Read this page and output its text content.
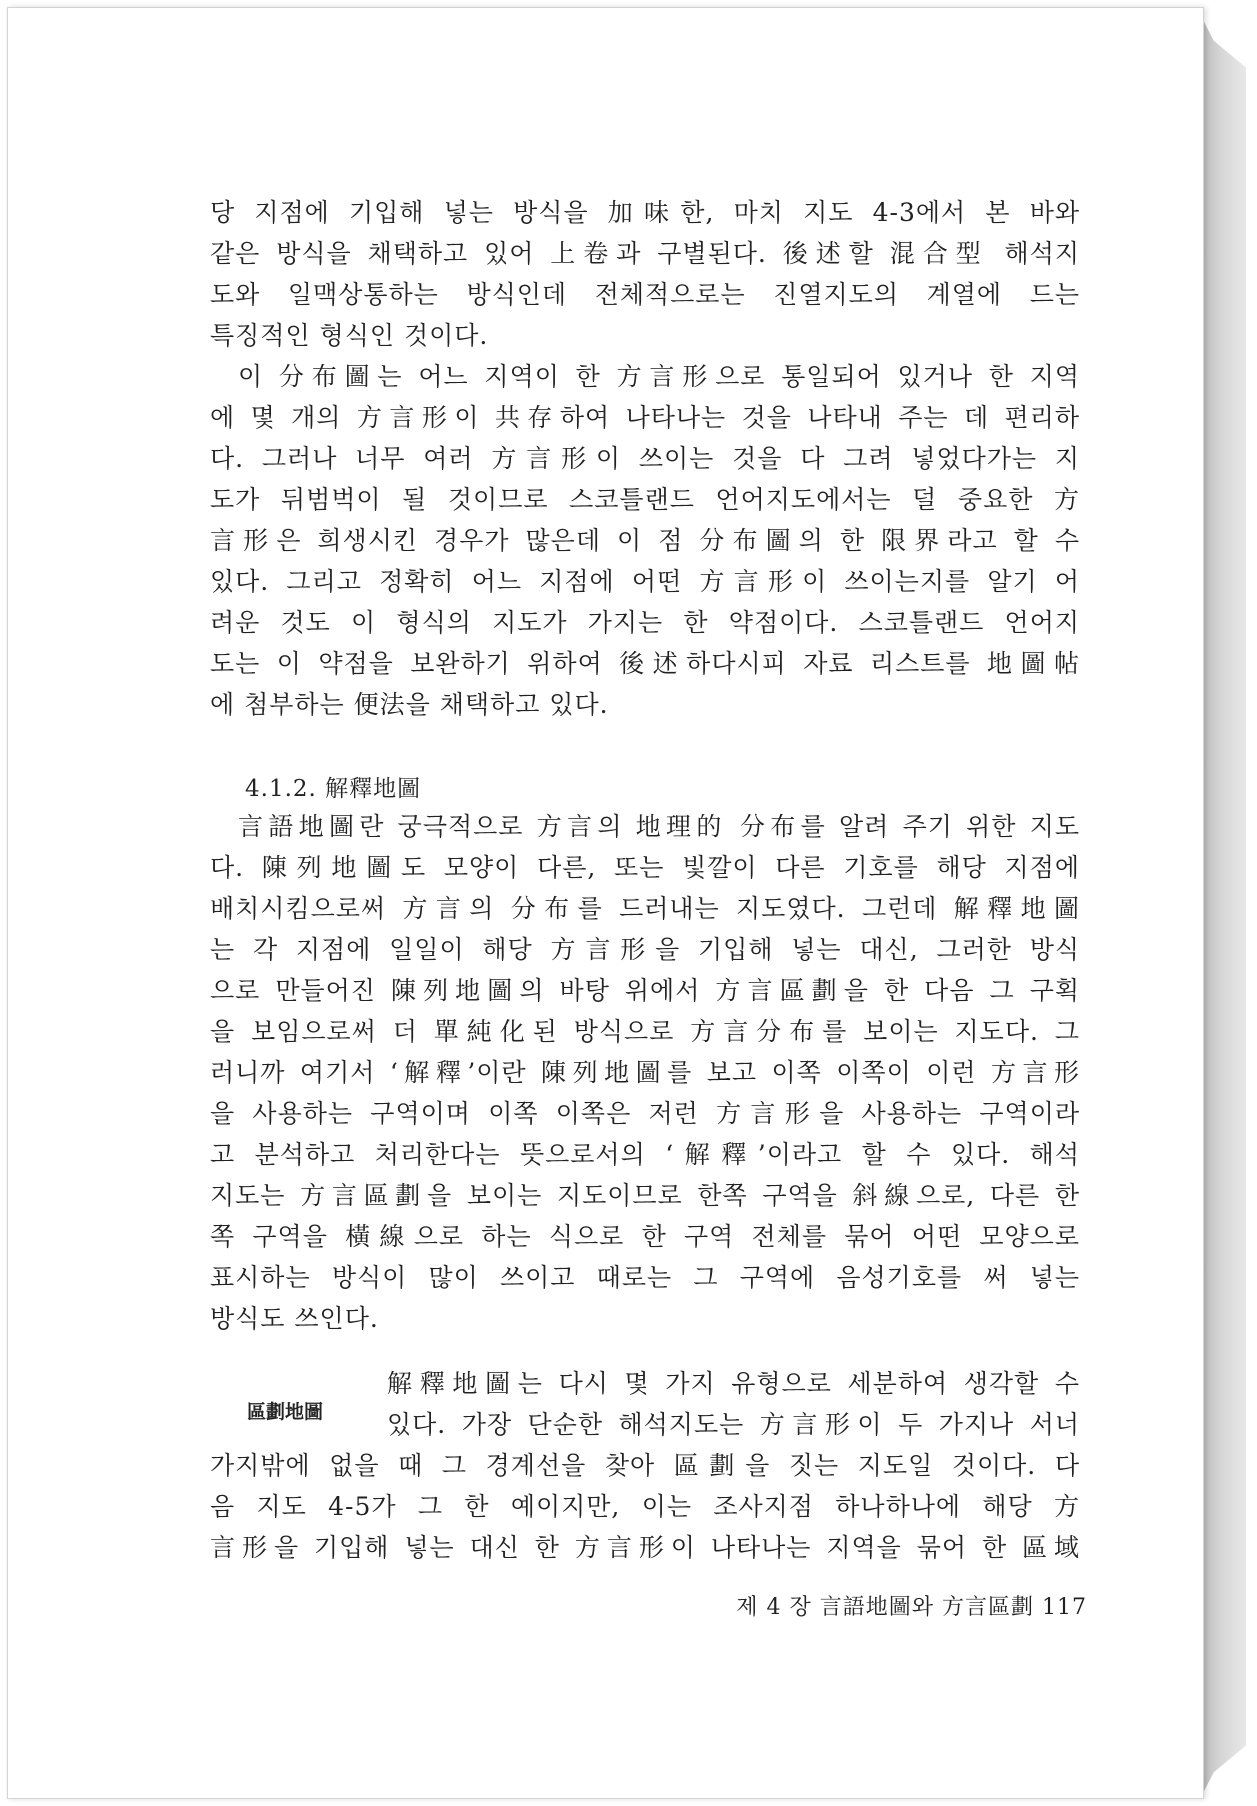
당 지점에 기입해 넣는 방식을 加味한, 마치 지도 4-3에서 본 바와
같은 방식을 채택하고 있어 上卷과 구별된다. 後述할 混合型 해석지
도와 일맥상통하는 방식인데 전체적으로는 진열지도의 계열에 드는
특징적인 형식인 것이다.
이 分布圖는 어느 지역이 한 方言形으로 통일되어 있거나 한 지역
에 몇 개의 方言形이 共存하여 나타나는 것을 나타내 주는 데 편리하
다. 그러나 너무 여러 方言形이 쓰이는 것을 다 그려 넣었다가는 지
도가 뒤범벅이 될 것이므로 스코틀랜드 언어지도에서는 덜 중요한 方
言形은 희생시킨 경우가 많은데 이 점 分布圖의 한 限界라고 할 수
있다. 그리고 정확히 어느 지점에 어떤 方言形이 쓰이는지를 알기 어
려운 것도 이 형식의 지도가 가지는 한 약점이다. 스코틀랜드 언어지
도는 이 약점을 보완하기 위하여 後述하다시피 자료 리스트를 地圖帖
에 첨부하는 便法을 채택하고 있다.
4.1.2. 解釋地圖
言語地圖란 궁극적으로 方言의 地理的 分布를 알려 주기 위한 지도
다. 陳列地圖도 모양이 다른, 또는 빛깔이 다른 기호를 해당 지점에
배치시킴으로써 方言의 分布를 드러내는 지도였다. 그런데 解釋地圖
는 각 지점에 일일이 해당 方言形을 기입해 넣는 대신, 그러한 방식
으로 만들어진 陳列地圖의 바탕 위에서 方言區劃을 한 다음 그 구획
을 보임으로써 더 單純化된 방식으로 方言分布를 보이는 지도다. 그
러니까 여기서 ‘解釋’이란 陳列地圖를 보고 이쪽 이쪽이 이런 方言形
을 사용하는 구역이며 이쪽 이쪽은 저런 方言形을 사용하는 구역이라
고 분석하고 처리한다는 뜻으로서의 ‘解釋’이라고 할 수 있다. 해석
지도는 方言區劃을 보이는 지도이므로 한쪽 구역을 斜線으로, 다른 한
쪽 구역을 橫線으로 하는 식으로 한 구역 전체를 묶어 어떤 모양으로
표시하는 방식이 많이 쓰이고 때로는 그 구역에 음성기호를 써 넣는
방식도 쓰인다.
區劃地圖
解釋地圖는 다시 몇 가지 유형으로 세분하여 생각할 수
있다. 가장 단순한 해석지도는 方言形이 두 가지나 서너
가지밖에 없을 때 그 경계선을 찾아 區劃을 짓는 지도일 것이다. 다
음 지도 4-5가 그 한 예이지만, 이는 조사지점 하나하나에 해당 方
言形을 기입해 넣는 대신 한 方言形이 나타나는 지역을 묶어 한 區域
제 4 장 言語地圖와 方言區劃 117
